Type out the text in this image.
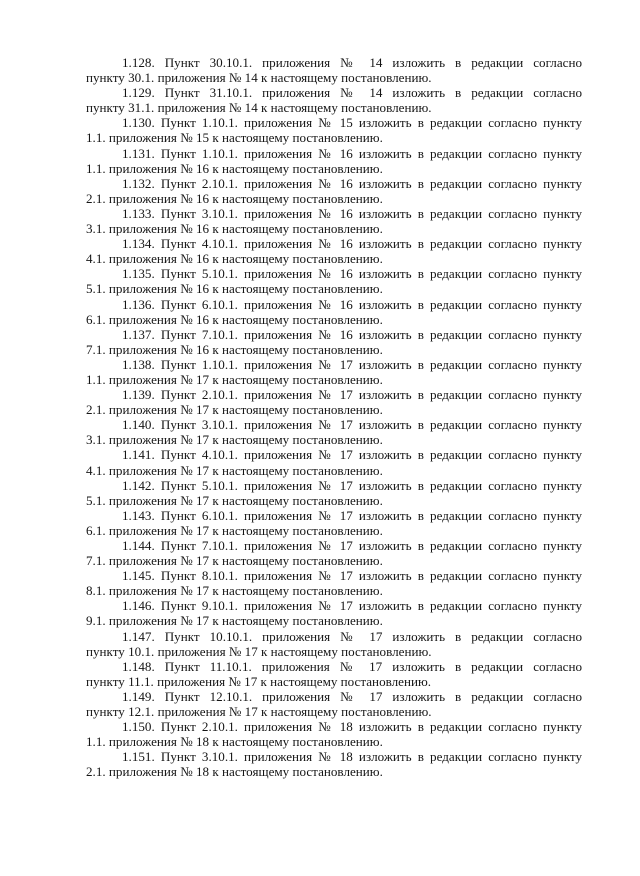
1.128. Пункт 30.10.1. приложения № 14 изложить в редакции согласно
пункту 30.1. приложения № 14 к настоящему постановлению.

1.129. Пункт 31.10.1. приложения № 14 изложить в редакции согласно
пункту 31.1. приложения № 14 к настоящему постановлению.

1.130. Пункт 1.10.1. приложения № 15 изложить в редакции согласно пункту
1.1. приложения № 15 к настоящему постановлению.

1.131. Пункт 1.10.1. приложения № 16 изложить в редакции согласно пункту
1.1. приложения № 16 к настоящему постановлению.

1.132. Пункт 2.10.1. приложения № 16 изложить в редакции согласно пункту
2.1. приложения № 16 к настоящему постановлению.

1.133. Пункт 3.10.1. приложения № 16 изложить в редакции согласно пункту
3.1. приложения № 16 к настоящему постановлению.

1.134. Пункт 4.10.1. приложения № 16 изложить в редакции согласно пункту
4.1. приложения № 16 к настоящему постановлению.

1.135. Пункт 5.10.1. приложения № 16 изложить в редакции согласно пункту
5.1. приложения № 16 к настоящему постановлению.

1.136. Пункт 6.10.1. приложения № 16 изложить в редакции согласно пункту
6.1. приложения № 16 к настоящему постановлению.

1.137. Пункт 7.10.1. приложения № 16 изложить в редакции согласно пункту
7.1. приложения № 16 к настоящему постановлению.

1.138. Пункт 1.10.1. приложения № 17 изложить в редакции согласно пункту
1.1. приложения № 17 к настоящему постановлению.

1.139. Пункт 2.10.1. приложения № 17 изложить в редакции согласно пункту
2.1. приложения № 17 к настоящему постановлению.

1.140. Пункт 3.10.1. приложения № 17 изложить в редакции согласно пункту
3.1. приложения № 17 к настоящему постановлению.

1.141. Пункт 4.10.1. приложения № 17 изложить в редакции согласно пункту
4.1. приложения № 17 к настоящему постановлению.

1.142. Пункт 5.10.1. приложения № 17 изложить в редакции согласно пункту
5.1. приложения № 17 к настоящему постановлению.

1.143. Пункт 6.10.1. приложения № 17 изложить в редакции согласно пункту
6.1. приложения № 17 к настоящему постановлению.

1.144. Пункт 7.10.1. приложения № 17 изложить в редакции согласно пункту
7.1. приложения № 17 к настоящему постановлению.

1.145. Пункт 8.10.1. приложения № 17 изложить в редакции согласно пункту
8.1. приложения № 17 к настоящему постановлению.

1.146. Пункт 9.10.1. приложения № 17 изложить в редакции согласно пункту
9.1. приложения № 17 к настоящему постановлению.

1.147. Пункт 10.10.1. приложения № 17 изложить в редакции согласно
пункту 10.1. приложения № 17 к настоящему постановлению.

1.148. Пункт 11.10.1. приложения № 17 изложить в редакции согласно
пункту 11.1. приложения № 17 к настоящему постановлению.

1.149. Пункт 12.10.1. приложения № 17 изложить в редакции согласно
пункту 12.1. приложения № 17 к настоящему постановлению.

1.150. Пункт 2.10.1. приложения № 18 изложить в редакции согласно пункту
1.1. приложения № 18 к настоящему постановлению.

1.151. Пункт 3.10.1. приложения № 18 изложить в редакции согласно пункту
2.1. приложения № 18 к настоящему постановлению.
